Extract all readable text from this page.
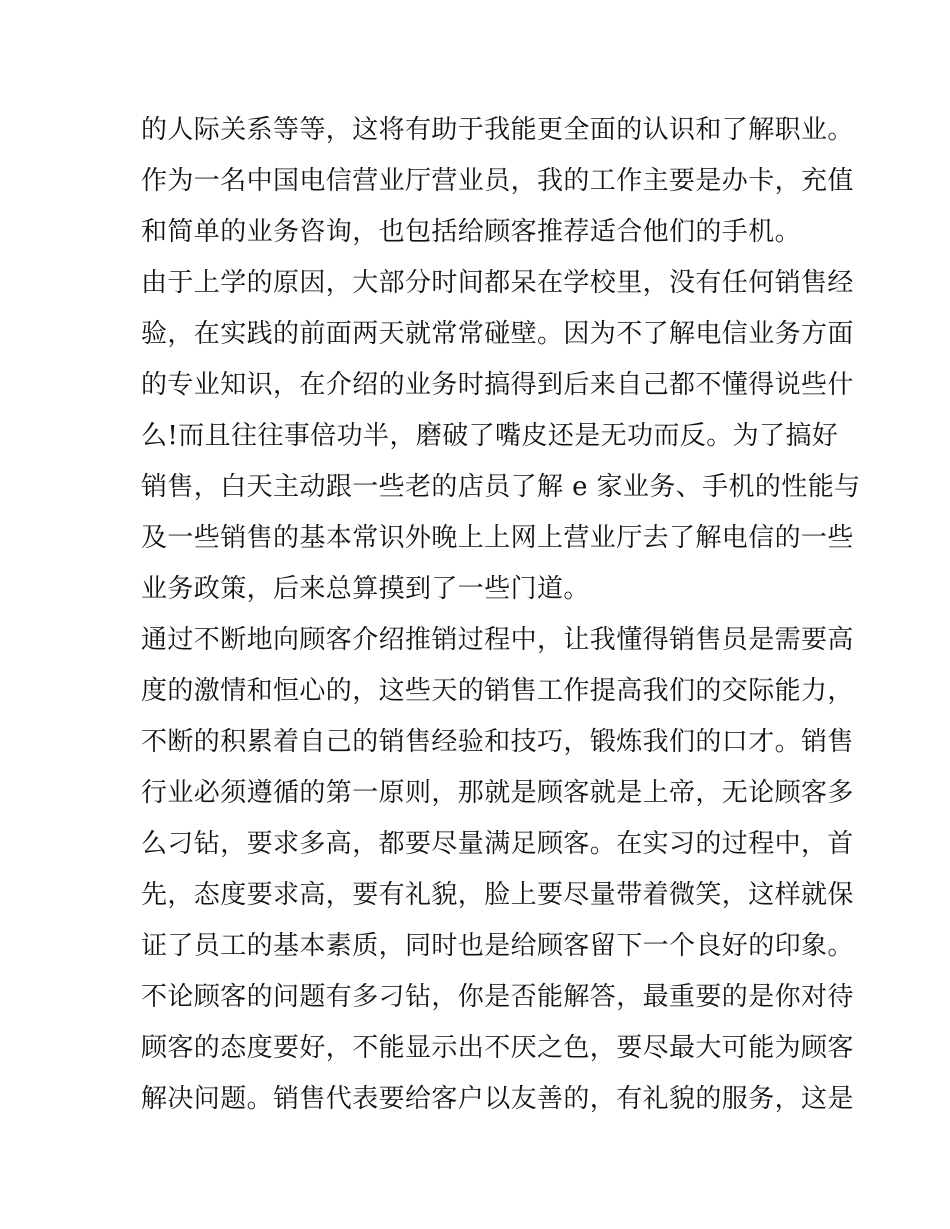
的人际关系等等，这将有助于我能更全面的认识和了解职业。
作为一名中国电信营业厅营业员，我的工作主要是办卡，充值
和简单的业务咨询，也包括给顾客推荐适合他们的手机。
由于上学的原因，大部分时间都呆在学校里，没有任何销售经
验，在实践的前面两天就常常碰壁。因为不了解电信业务方面
的专业知识，在介绍的业务时搞得到后来自己都不懂得说些什
么!而且往往事倍功半，磨破了嘴皮还是无功而反。为了搞好
销售，白天主动跟一些老的店员了解 e 家业务、手机的性能与
及一些销售的基本常识外晚上上网上营业厅去了解电信的一些
业务政策，后来总算摸到了一些门道。
通过不断地向顾客介绍推销过程中，让我懂得销售员是需要高
度的激情和恒心的，这些天的销售工作提高我们的交际能力，
不断的积累着自己的销售经验和技巧，锻炼我们的口才。销售
行业必须遵循的第一原则，那就是顾客就是上帝，无论顾客多
么刁钻，要求多高，都要尽量满足顾客。在实习的过程中，首
先，态度要求高，要有礼貌，脸上要尽量带着微笑，这样就保
证了员工的基本素质，同时也是给顾客留下一个良好的印象。
不论顾客的问题有多刁钻，你是否能解答，最重要的是你对待
顾客的态度要好，不能显示出不厌之色，要尽最大可能为顾客
解决问题。销售代表要给客户以友善的，有礼貌的服务，这是
